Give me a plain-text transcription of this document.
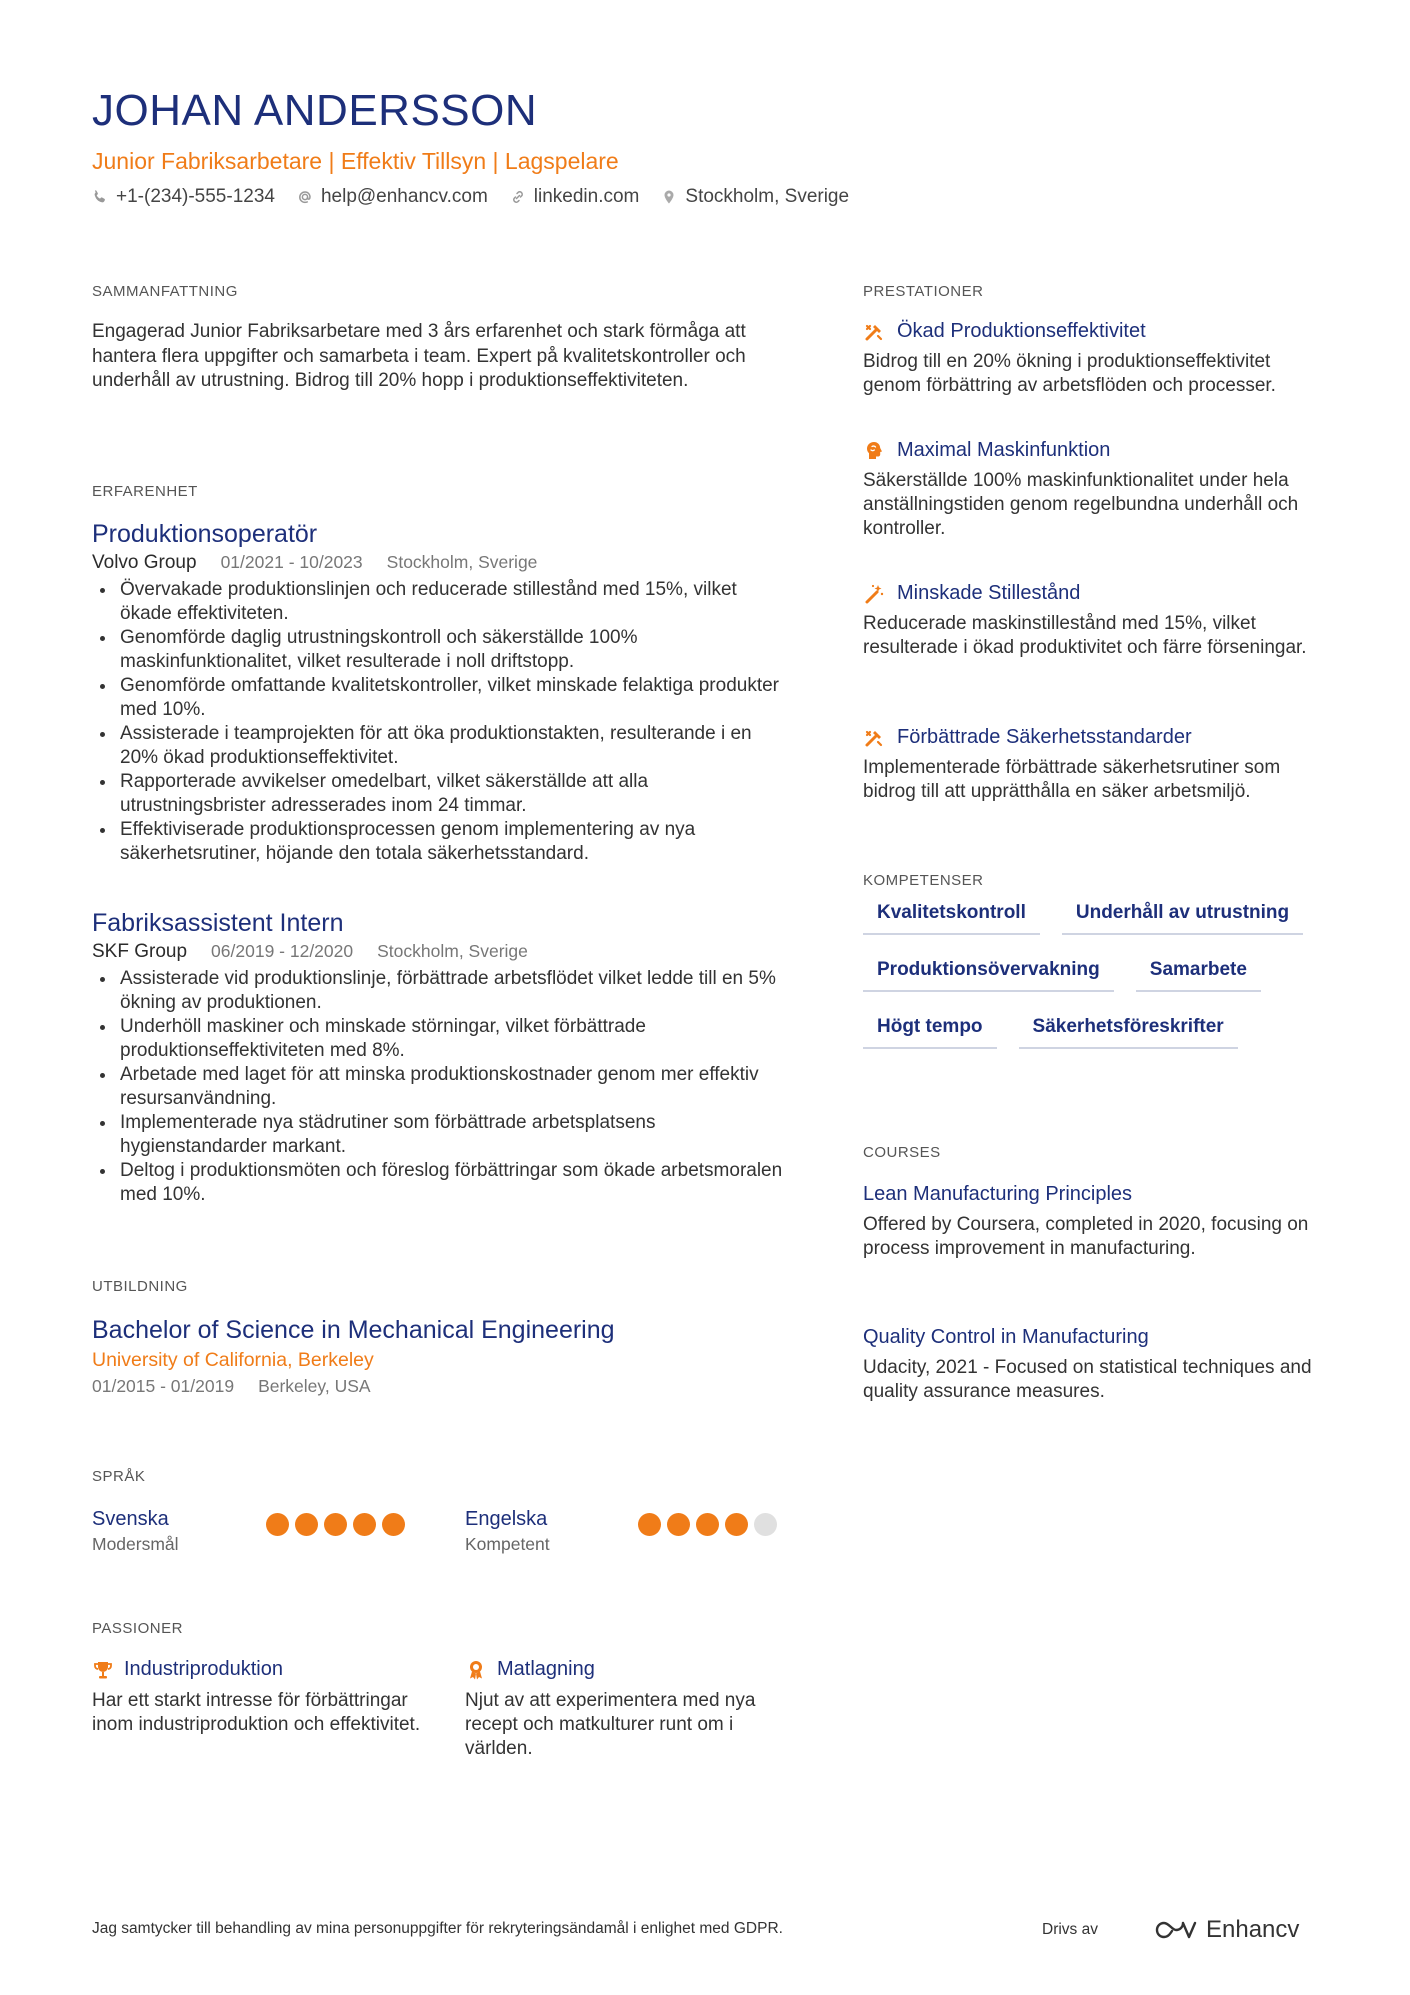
JOHAN ANDERSSON
Junior Fabriksarbetare | Effektiv Tillsyn | Lagspelare
+1-(234)-555-1234 help@enhancv.com linkedin.com Stockholm, Sverige
SAMMANFATTNING
Engagerad Junior Fabriksarbetare med 3 års erfarenhet och stark förmåga att hantera flera uppgifter och samarbeta i team. Expert på kvalitetskontroller och underhåll av utrustning. Bidrog till 20% hopp i produktionseffektiviteten.
ERFARENHET
Produktionsoperatör
Volvo Group 01/2021 - 10/2023 Stockholm, Sverige
Övervakade produktionslinjen och reducerade stillestånd med 15%, vilket ökade effektiviteten.
Genomförde daglig utrustningskontroll och säkerställde 100% maskinfunktionalitet, vilket resulterade i noll driftstopp.
Genomförde omfattande kvalitetskontroller, vilket minskade felaktiga produkter med 10%.
Assisterade i teamprojekten för att öka produktionstakten, resulterande i en 20% ökad produktionseffektivitet.
Rapporterade avvikelser omedelbart, vilket säkerställde att alla utrustningsbrister adresserades inom 24 timmar.
Effektiviserade produktionsprocessen genom implementering av nya säkerhetsrutiner, höjande den totala säkerhetsstandard.
Fabriksassistent Intern
SKF Group 06/2019 - 12/2020 Stockholm, Sverige
Assisterade vid produktionslinje, förbättrade arbetsflödet vilket ledde till en 5% ökning av produktionen.
Underhöll maskiner och minskade störningar, vilket förbättrade produktionseffektiviteten med 8%.
Arbetade med laget för att minska produktionskostnader genom mer effektiv resursanvändning.
Implementerade nya städrutiner som förbättrade arbetsplatsens hygienstandarder markant.
Deltog i produktionsmöten och föreslog förbättringar som ökade arbetsmoralen med 10%.
UTBILDNING
Bachelor of Science in Mechanical Engineering
University of California, Berkeley
01/2015 - 01/2019 Berkeley, USA
SPRÅK
Svenska
Modersmål
Engelska
Kompetent
PASSIONER
Industriproduktion
Har ett starkt intresse för förbättringar inom industriproduktion och effektivitet.
Matlagning
Njut av att experimentera med nya recept och matkulturer runt om i världen.
PRESTATIONER
Ökad Produktionseffektivitet
Bidrog till en 20% ökning i produktionseffektivitet genom förbättring av arbetsflöden och processer.
Maximal Maskinfunktion
Säkerställde 100% maskinfunktionalitet under hela anställningstiden genom regelbundna underhåll och kontroller.
Minskade Stillestånd
Reducerade maskinstillestånd med 15%, vilket resulterade i ökad produktivitet och färre förseningar.
Förbättrade Säkerhetsstandarder
Implementerade förbättrade säkerhetsrutiner som bidrog till att upprätthålla en säker arbetsmiljö.
KOMPETENSER
Kvalitetskontroll	Underhåll av utrustning
Produktionsövervakning	Samarbete
Högt tempo	Säkerhetsföreskrifter
COURSES
Lean Manufacturing Principles
Offered by Coursera, completed in 2020, focusing on process improvement in manufacturing.
Quality Control in Manufacturing
Udacity, 2021 - Focused on statistical techniques and quality assurance measures.
Jag samtycker till behandling av mina personuppgifter för rekryteringsändamål i enlighet med GDPR.	Drivs av	Enhancv
